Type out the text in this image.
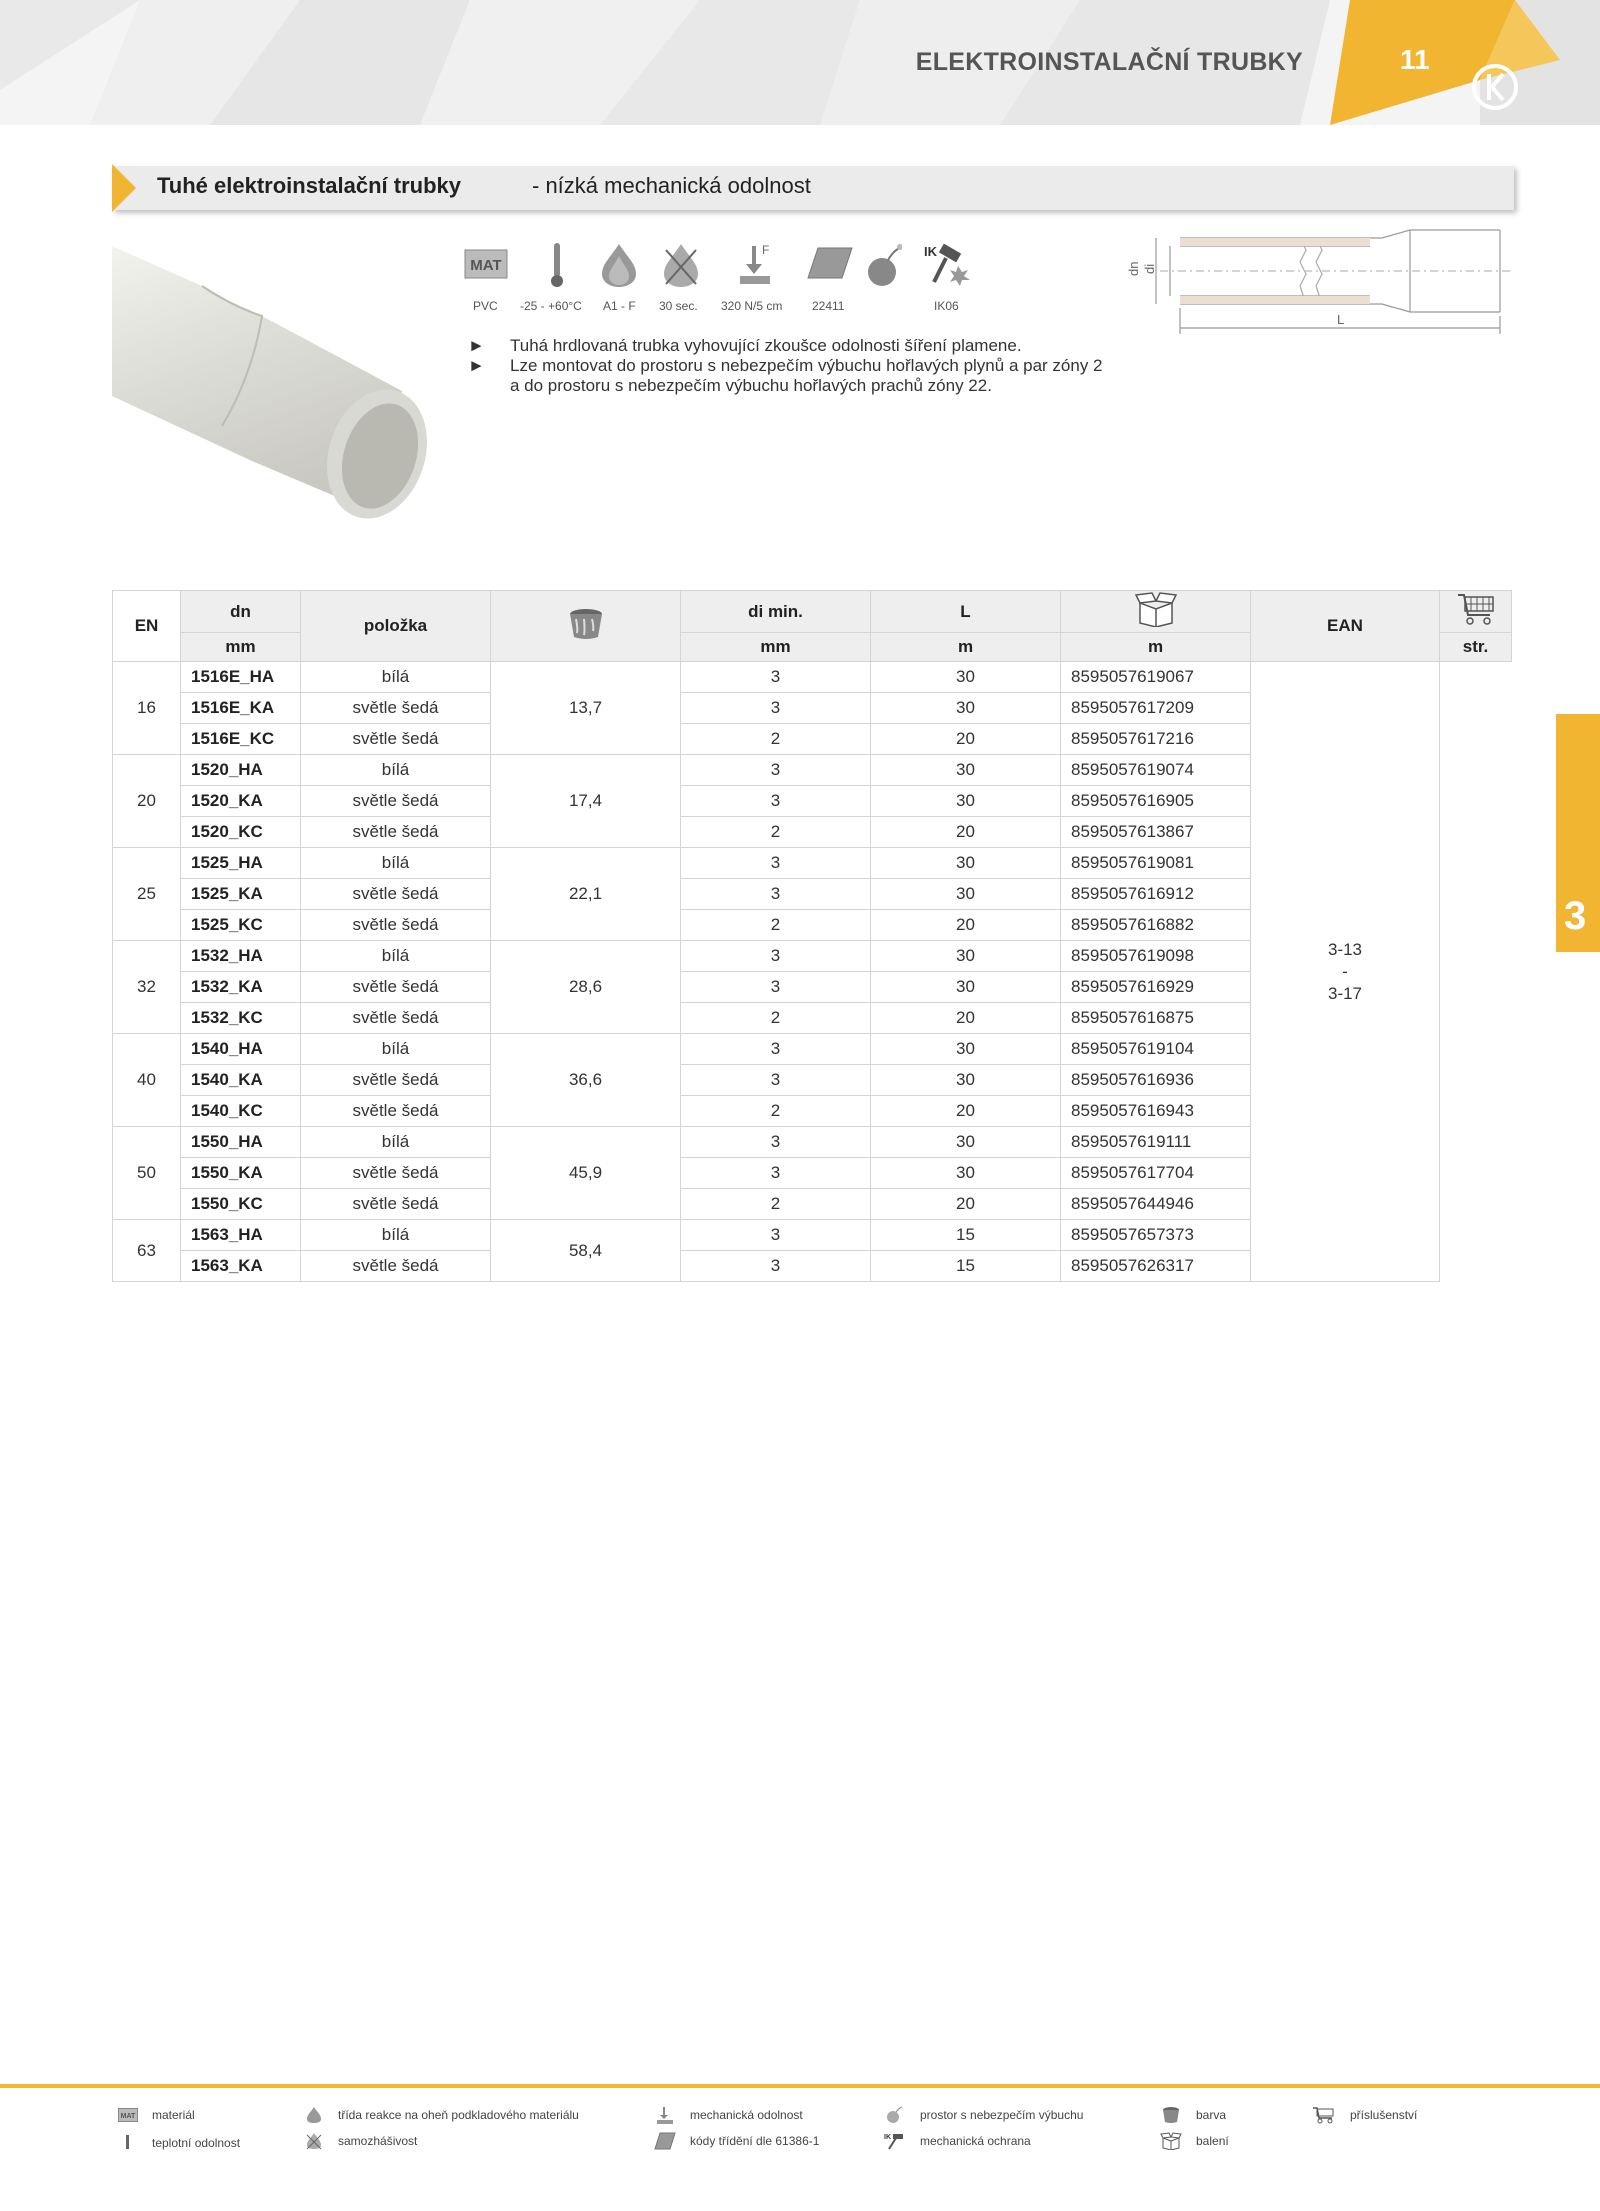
ELEKTROINSTALAČNÍ TRUBKY	11
Tuhé elektroinstalační trubky	- nízká mechanická odolnost
MAT
F	IK
PVC -25 - +60°C A1 - F 30 sec. 320 N/5 cm 22411	IK06
►	Tuhá hrdlovaná trubka vyhovující zkoušce odolnosti šíření plamene.
►	Lze montovat do prostoru s nebezpečím výbuchu hořlavých plynů a par zóny 2 a do prostoru s nebezpečím výbuchu hořlavých prachů zóny 22.
dn di
L
EN	dn	položka		di min.	L		EAN	
	mm			mm	m	m		str.
16	1516E_HA	bílá	13,7	3	30	8595057619067	3-13
-
3-17	

	1516E_KA	světle šedá		3	30	8595057617209		
	1516E_KC	světle šedá		2	20	8595057617216		
20	1520_HA	bílá	17,4	3	30	8595057619074		
	1520_KA	světle šedá		3	30	8595057616905		
	1520_KC	světle šedá		2	20	8595057613867		
25	1525_HA	bílá	22,1	3	30	8595057619081		
	1525_KA	světle šedá		3	30	8595057616912		
	1525_KC	světle šedá		2	20	8595057616882		
32	1532_HA	bílá	28,6	3	30	8595057619098		
	1532_KA	světle šedá		3	30	8595057616929		
	1532_KC	světle šedá		2	20	8595057616875		
40	1540_HA	bílá	36,6	3	30	8595057619104		
	1540_KA	světle šedá		3	30	8595057616936		
	1540_KC	světle šedá		2	20	8595057616943		
50	1550_HA	bílá	45,9	3	30	8595057619111		
	1550_KA	světle šedá		3	30	8595057617704		
	1550_KC	světle šedá		2	20	8595057644946		
63	1563_HA	bílá	58,4	3	15	8595057657373		
	1563_KA	světle šedá		3	15	8595057626317		
3
MAT materiál
teplotní odolnost
třída reakce na oheň podkladového materiálu
samozhášivost
mechanická odolnost
kódy třídění dle 61386-1
prostor s nebezpečím výbuchu
IK mechanická ochrana
barva
balení
příslušenství
